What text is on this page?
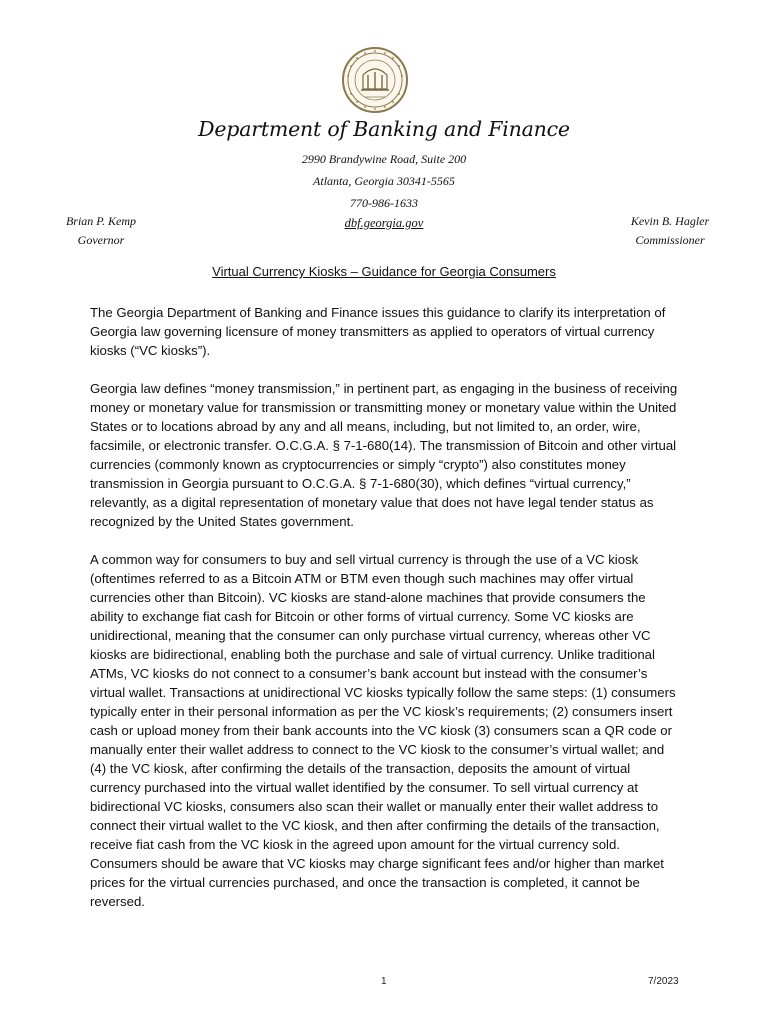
Department of Banking and Finance
2990 Brandywine Road, Suite 200
Atlanta, Georgia 30341-5565
770-986-1633
dbf.georgia.gov
Brian P. Kemp
Governor
Kevin B. Hagler
Commissioner
Virtual Currency Kiosks – Guidance for Georgia Consumers

The Georgia Department of Banking and Finance issues this guidance to clarify its interpretation of Georgia law governing licensure of money transmitters as applied to operators of virtual currency kiosks (“VC kiosks”).

Georgia law defines “money transmission,” in pertinent part, as engaging in the business of receiving money or monetary value for transmission or transmitting money or monetary value within the United States or to locations abroad by any and all means, including, but not limited to, an order, wire, facsimile, or electronic transfer. O.C.G.A. § 7-1-680(14). The transmission of Bitcoin and other virtual currencies (commonly known as cryptocurrencies or simply “crypto”) also constitutes money transmission in Georgia pursuant to O.C.G.A. § 7-1-680(30), which defines “virtual currency,” relevantly, as a digital representation of monetary value that does not have legal tender status as recognized by the United States government.

A common way for consumers to buy and sell virtual currency is through the use of a VC kiosk (oftentimes referred to as a Bitcoin ATM or BTM even though such machines may offer virtual currencies other than Bitcoin). VC kiosks are stand-alone machines that provide consumers the ability to exchange fiat cash for Bitcoin or other forms of virtual currency. Some VC kiosks are unidirectional, meaning that the consumer can only purchase virtual currency, whereas other VC kiosks are bidirectional, enabling both the purchase and sale of virtual currency. Unlike traditional ATMs, VC kiosks do not connect to a consumer’s bank account but instead with the consumer’s virtual wallet. Transactions at unidirectional VC kiosks typically follow the same steps: (1) consumers typically enter in their personal information as per the VC kiosk’s requirements; (2) consumers insert cash or upload money from their bank accounts into the VC kiosk (3) consumers scan a QR code or manually enter their wallet address to connect to the VC kiosk to the consumer’s virtual wallet; and (4) the VC kiosk, after confirming the details of the transaction, deposits the amount of virtual currency purchased into the virtual wallet identified by the consumer. To sell virtual currency at bidirectional VC kiosks, consumers also scan their wallet or manually enter their wallet address to connect their virtual wallet to the VC kiosk, and then after confirming the details of the transaction, receive fiat cash from the VC kiosk in the agreed upon amount for the virtual currency sold. Consumers should be aware that VC kiosks may charge significant fees and/or higher than market prices for the virtual currencies purchased, and once the transaction is completed, it cannot be reversed.

1	7/2023
